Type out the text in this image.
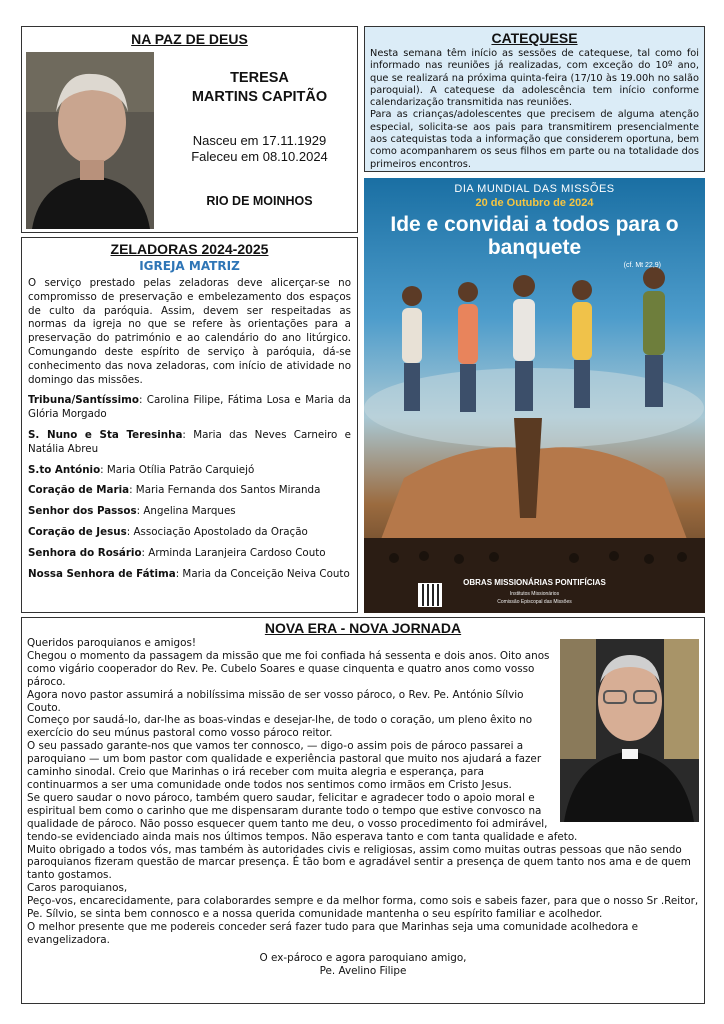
NA PAZ DE DEUS
TERESA
MARTINS CAPITÃO
Nasceu em 17.11.1929
Faleceu em 08.10.2024
RIO DE MOINHOS
CATEQUESE

Nesta semana têm início as sessões de catequese, tal como foi informado nas reuniões já realizadas, com exceção do 10º ano, que se realizará na próxima quinta-feira (17/10 às 19.00h no salão paroquial). A catequese da adolescência tem início conforme calendarização transmitida nas reuniões.

Para as crianças/adolescentes que precisem de alguma atenção especial, solicita-se aos pais para transmitirem presencialmente aos catequistas toda a informação que considerem oportuna, bem como acompanharem os seus filhos em parte ou na totalidade dos primeiros encontros.

DIA MUNDIAL DAS MISSÕES
20 de Outubro de 2024
Ide e convidai a todos para o banquete
(cf. Mt 22,9)
OBRAS MISSIONÁRIAS PONTIFÍCIAS
Institutos Missionários
Comissão Episcopal das Missões
ZELADORAS 2024-2025
IGREJA MATRIZ
O serviço prestado pelas zeladoras deve alicerçar-se no compromisso de preservação e embelezamento dos espaços de culto da paróquia. Assim, devem ser respeitadas as normas da igreja no que se refere às orientações para a preservação do património e ao calendário do ano litúrgico. Comungando deste espírito de serviço à paróquia, dá-se conhecimento das nova zeladoras, com início de atividade no domingo das missões.
Tribuna/Santíssimo: Carolina Filipe, Fátima Losa e Maria da Glória Morgado
S. Nuno e Sta Teresinha: Maria das Neves Carneiro e Natália Abreu
S.to António: Maria Otília Patrão Carquiejó
Coração de Maria: Maria Fernanda dos Santos Miranda
Senhor dos Passos: Angelina Marques
Coração de Jesus: Associação Apostolado da Oração
Senhora do Rosário: Arminda Laranjeira Cardoso Couto
Nossa Senhora de Fátima: Maria da Conceição Neiva Couto
NOVA ERA - NOVA JORNADA

Queridos paroquianos e amigos!

Chegou o momento da passagem da missão que me foi confiada há sessenta e dois anos. Oito anos como vigário cooperador do Rev. Pe. Cubelo Soares e quase cinquenta e quatro anos como vosso pároco.

Agora novo pastor assumirá a nobilíssima missão de ser vosso pároco, o Rev. Pe. António Sílvio Couto.

Começo por saudá-lo, dar-lhe as boas-vindas e desejar-lhe, de todo o coração, um pleno êxito no exercício do seu múnus pastoral como vosso pároco reitor.

O seu passado garante-nos que vamos ter connosco, — digo-o assim pois de pároco passarei a paroquiano — um bom pastor com qualidade e experiência pastoral que muito nos ajudará a fazer caminho sinodal. Creio que Marinhas o irá receber com muita alegria e esperança, para continuarmos a ser uma comunidade onde todos nos sentimos como irmãos em Cristo Jesus.

Se quero saudar o novo pároco, também quero saudar, felicitar e agradecer todo o apoio moral e espiritual bem como o carinho que me dispensaram durante todo o tempo que estive convosco na qualidade de pároco. Não posso esquecer quem tanto me deu, o vosso procedimento foi admirável, tendo-se evidenciado ainda mais nos últimos tempos. Não esperava tanto e com tanta qualidade e afeto.

Muito obrigado a todos vós, mas também às autoridades civis e religiosas, assim como muitas outras pessoas que não sendo paroquianos fizeram questão de marcar presença. É tão bom e agradável sentir a presença de quem tanto nos ama e de quem tanto gostamos.

Caros paroquianos,

Peço-vos, encarecidamente, para colaborardes sempre e da melhor forma, como sois e sabeis fazer, para que o nosso Sr .Reitor, Pe. Sílvio, se sinta bem connosco e a nossa querida comunidade mantenha o seu espírito familiar e acolhedor.

O melhor presente que me podereis conceder será fazer tudo para que Marinhas seja uma comunidade acolhedora e evangelizadora.

O ex-pároco e agora paroquiano amigo,
Pe. Avelino Filipe
